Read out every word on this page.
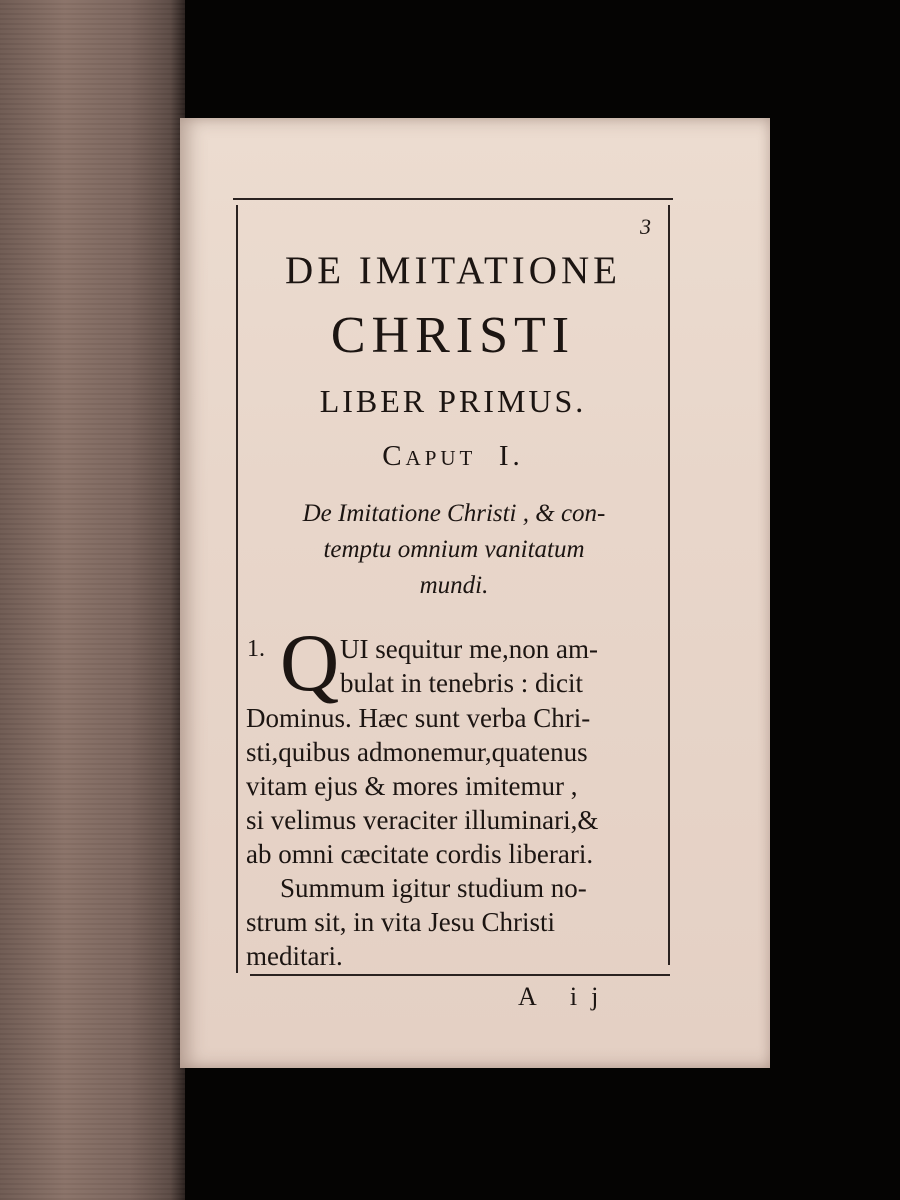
3
DE IMITATIONE
CHRISTI
LIBER PRIMUS.
CAPUT I.
De Imitatione Christi , & con-
temptu omnium vanitatum
mundi.
1. Q UI sequitur me,non am-
bulat in tenebris : dicit
Dominus. Hæc sunt verba Chri-
sti,quibus admonemur,quatenus
vitam ejus & mores imitemur ,
si velimus veraciter illuminari,&
ab omni cæcitate cordis liberari.
Summum igitur studium no-
strum sit, in vita Jesu Christi
meditari.
A ij
